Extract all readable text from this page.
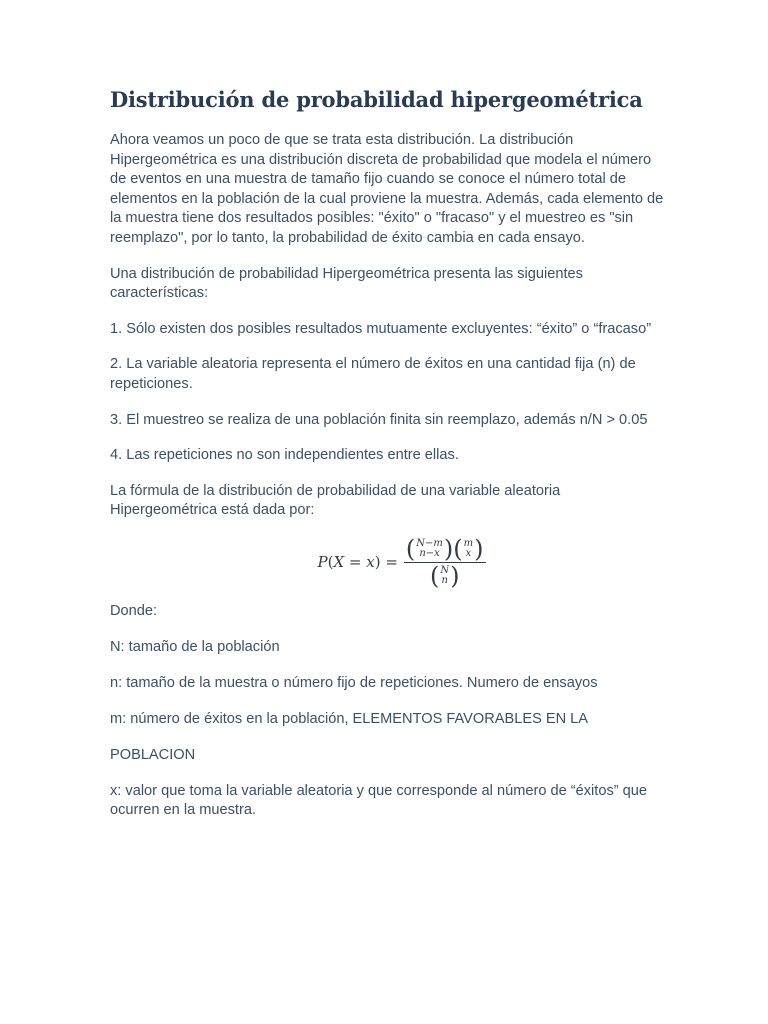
Distribución de probabilidad hipergeométrica

Ahora veamos un poco de que se trata esta distribución. La distribución Hipergeométrica es una distribución discreta de probabilidad que modela el número de eventos en una muestra de tamaño fijo cuando se conoce el número total de elementos en la población de la cual proviene la muestra. Además, cada elemento de la muestra tiene dos resultados posibles: "éxito" o "fracaso" y el muestreo es "sin reemplazo", por lo tanto, la probabilidad de éxito cambia en cada ensayo.

Una distribución de probabilidad Hipergeométrica presenta las siguientes características:

1. Sólo existen dos posibles resultados mutuamente excluyentes: “éxito” o “fracaso”
2. La variable aleatoria representa el número de éxitos en una cantidad fija (n) de repeticiones.
3. El muestreo se realiza de una población finita sin reemplazo, además n/N > 0.05
4. Las repeticiones no son independientes entre ellas.

La fórmula de la distribución de probabilidad de una variable aleatoria Hipergeométrica está dada por:

P(X = x) = ( N−m
n−x ) ( m
x )
( N
n )

Donde:

N: tamaño de la población

n: tamaño de la muestra o número fijo de repeticiones. Numero de ensayos

m: número de éxitos en la población, ELEMENTOS FAVORABLES EN LA

POBLACION

x: valor que toma la variable aleatoria y que corresponde al número de “éxitos” que ocurren en la muestra.
